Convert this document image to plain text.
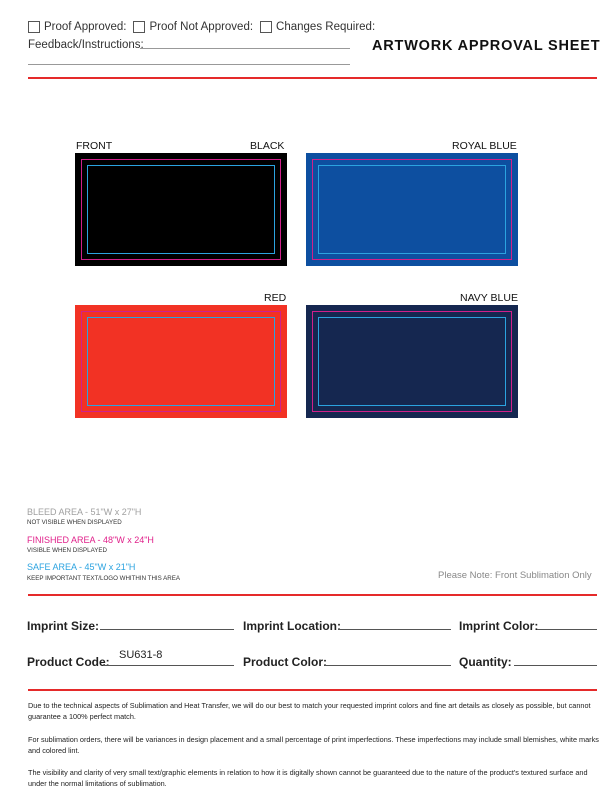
Proof Approved: Proof Not Approved: Changes Required:
Feedback/Instructions:	ARTWORK APPROVAL SHEET
FRONT	BLACK	ROYAL BLUE
RED	NAVY BLUE
BLEED AREA - 51"W x 27"H
NOT VISIBLE WHEN DISPLAYED
FINISHED AREA - 48"W x 24"H
VISIBLE WHEN DISPLAYED
SAFE AREA - 45"W x 21"H
KEEP IMPORTANT TEXT/LOGO WHITHIN THIS AREA	Please Note: Front Sublimation Only
Imprint Size:	Imprint Location:	Imprint Color:
Product Code: SU631-8	Product Color:	Quantity:
Due to the technical aspects of Sublimation and Heat Transfer, we will do our best to match your requested imprint colors and fine art details as closely as possible, but cannot guarantee a 100% perfect match.
For sublimation orders, there will be variances in design placement and a small percentage of print imperfections. These imperfections may include small blemishes, white marks and colored lint.
The visibility and clarity of very small text/graphic elements in relation to how it is digitally shown cannot be guaranteed due to the nature of the product's textured surface and under the normal limitations of sublimation.
